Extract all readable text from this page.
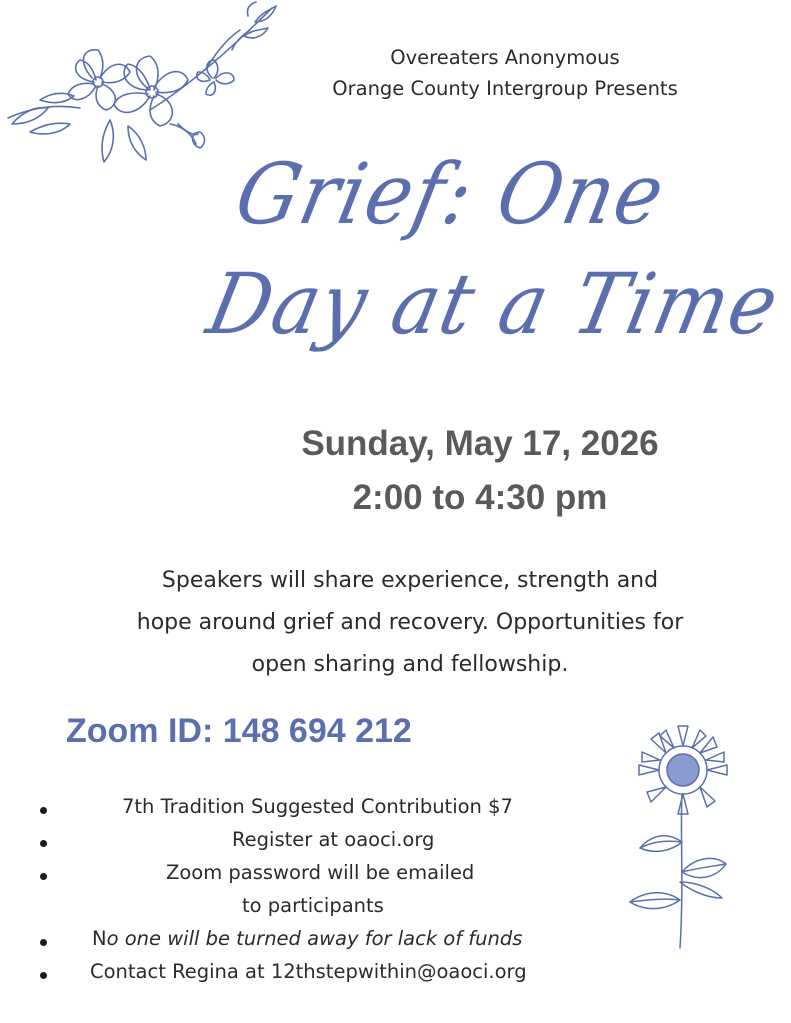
Overeaters Anonymous
Orange County Intergroup Presents
Grief: One
Day at a Time
Sunday, May 17, 2026
2:00 to 4:30 pm
Speakers will share experience, strength and
hope around grief and recovery. Opportunities for
open sharing and fellowship.
Zoom ID: 148 694 212
7th Tradition Suggested Contribution $7
Register at oaoci.org
Zoom password will be emailed
to participants
No one will be turned away for lack of funds
Contact Regina at 12thstepwithin@oaoci.org
